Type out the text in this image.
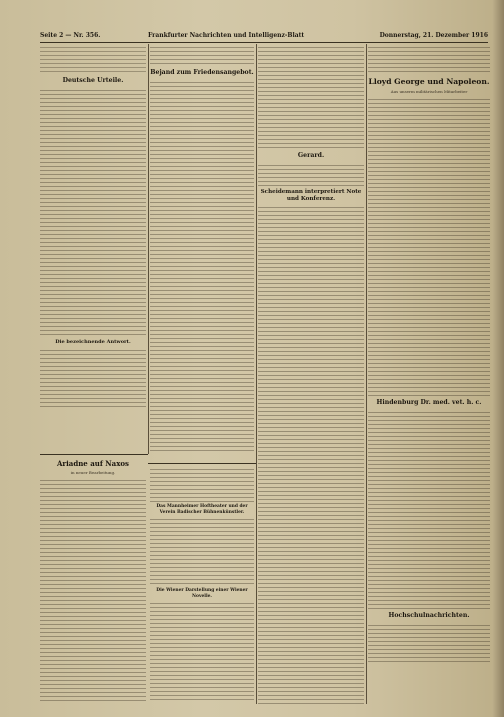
Seite 2 — Nr. 356.	Frankfurter Nachrichten und Intelligenz-Blatt	Donnerstag, 21. Dezember 1916
Deutsche Urteile.
Die bezeichnende Antwort.
Ariadne auf Naxos
in neuer Bearbeitung.
Bejand zum Friedensangebot.
Das Mannheimer Hoftheater und der Verein Badischer Bühnenkünstler.
Die Wiener Darstellung einer Wiener Novelle.
Gerard.
Scheidemann interpretiert Note und Konferenz.
Lloyd George und Napoleon.
Aus unserm militärischen Mitarbeiter
Hindenburg Dr. med. vet. h. c.
Hochschulnachrichten.
